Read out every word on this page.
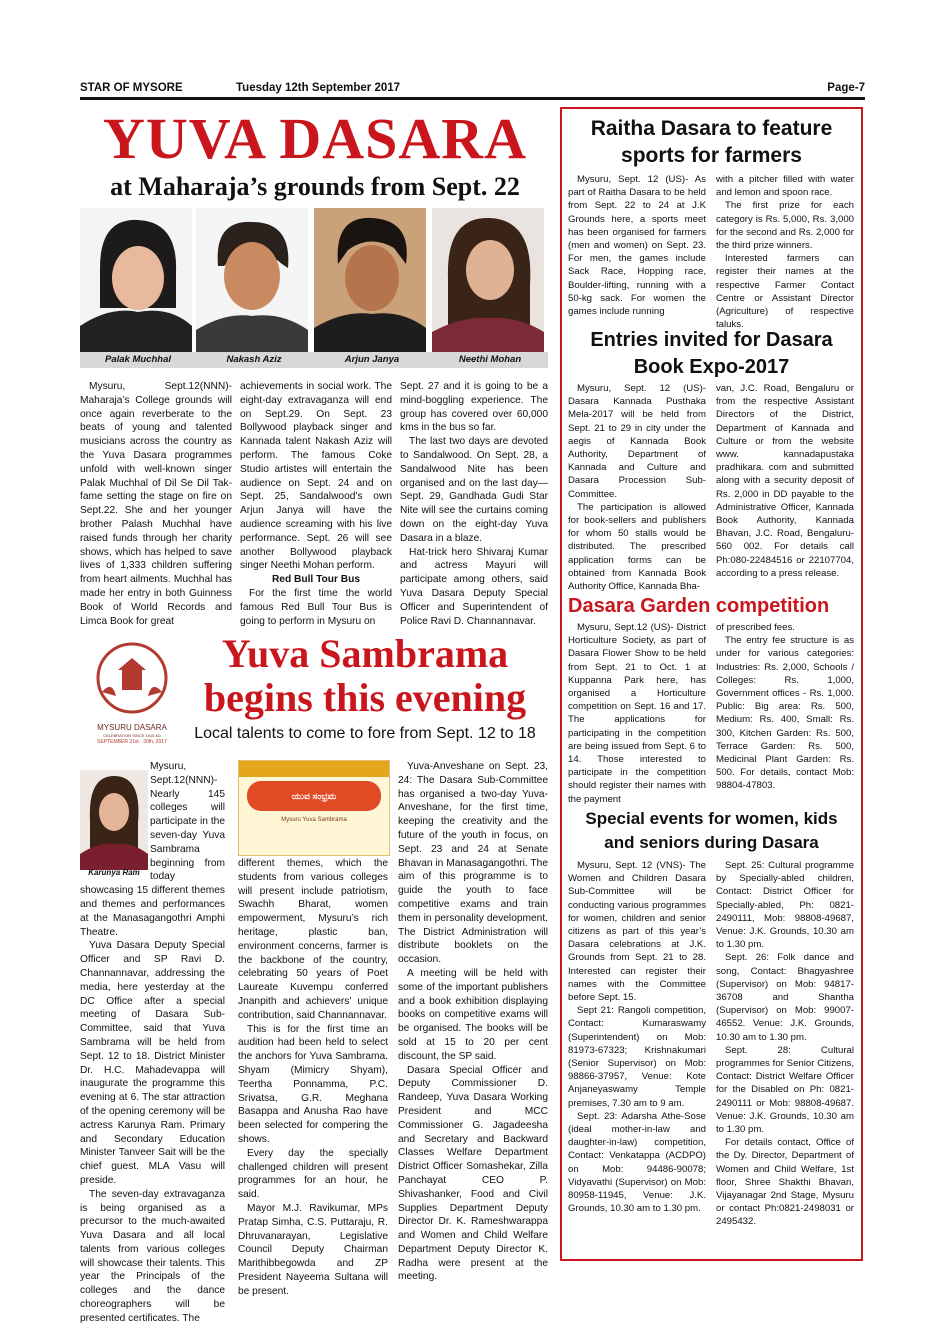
STAR OF MYSORE	Tuesday 12th September 2017	Page-7
YUVA DASARA
at Maharaja’s grounds from Sept. 22
Palak Muchhal	Nakash Aziz	Arjun Janya	Neethi Mohan

Mysuru, Sept.12(NNN)- Maharaja’s College grounds will once again reverberate to the beats of young and talented musicians across the country as the Yuva Dasara programmes unfold with well-known singer Palak Muchhal of Dil Se Dil Tak-fame setting the stage on fire on Sept.22. She and her younger brother Palash Muchhal have raised funds through her charity shows, which has helped to save lives of 1,333 children suffering from heart ailments. Muchhal has made her entry in both Guinness Book of World Records and Limca Book for great

achievements in social work. The eight-day extravaganza will end on Sept.29. On Sept. 23 Bollywood playback singer and Kannada talent Nakash Aziz will perform. The famous Coke Studio artistes will entertain the audience on Sept. 24 and on Sept. 25, Sandalwood’s own Arjun Janya will have the audience screaming with his live performance. Sept. 26 will see another Bollywood playback singer Neethi Mohan perform.

Red Bull Tour Bus

For the first time the world famous Red Bull Tour Bus is going to perform in Mysuru on

Sept. 27 and it is going to be a mind-boggling experience. The group has covered over 60,000 kms in the bus so far.

The last two days are devoted to Sandalwood. On Sept. 28, a Sandalwood Nite has been organised and on the last day—Sept. 29, Gandhada Gudi Star Nite will see the curtains coming down on the eight-day Yuva Dasara in a blaze.

Hat-trick hero Shivaraj Kumar and actress Mayuri will participate among others, said Yuva Dasara Deputy Special Officer and Superintendent of Police Ravi D. Channannavar.

MYSURU DASARA
CELEBRATION SINCE 1610 AD
SEPTEMBER 21st - 30th, 2017
Yuva Sambrama
begins this evening
Local talents to come to fore from Sept. 12 to 18
Karunya Ram

Mysuru, Sept.12(NNN)- Nearly 145 colleges will participate in the seven-day Yuva Sambrama beginning from today showcasing 15 different themes and themes and performances at the Manasagangothri Amphi Theatre.

Yuva Dasara Deputy Special Officer and SP Ravi D. Channannavar, addressing the media, here yesterday at the DC Office after a special meeting of Dasara Sub-Committee, said that Yuva Sambrama will be held from Sept. 12 to 18. District Minister Dr. H.C. Mahadevappa will inaugurate the programme this evening at 6. The star attraction of the opening ceremony will be actress Karunya Ram. Primary and Secondary Education Minister Tanveer Sait will be the chief guest. MLA Vasu will preside.

The seven-day extravaganza is being organised as a precursor to the much-awaited Yuva Dasara and all local talents from various colleges will showcase their talents. This year the Principals of the colleges and the dance choreographers will be presented certificates. The

ಯುವ ಸಂಭ್ರಮ
Mysuru Yuva Sambrama

different themes, which the students from various colleges will present include patriotism, Swachh Bharat, women empowerment, Mysuru’s rich heritage, plastic ban, environment concerns, farmer is the backbone of the country, celebrating 50 years of Poet Laureate Kuvempu conferred Jnanpith and achievers’ unique contribution, said Channannavar.

This is for the first time an audition had been held to select the anchors for Yuva Sambrama. Shyam (Mimicry Shyam), Teertha Ponnamma, P.C. Srivatsa, G.R. Meghana Basappa and Anusha Rao have been selected for compering the shows.

Every day the specially challenged children will present programmes for an hour, he said.

Mayor M.J. Ravikumar, MPs Pratap Simha, C.S. Puttaraju, R. Dhruvanarayan, Legislative Council Deputy Chairman Marithibbegowda and ZP President Nayeema Sultana will be present.

Yuva-Anveshane on Sept. 23, 24: The Dasara Sub-Committee has organised a two-day Yuva-Anveshane, for the first time, keeping the creativity and the future of the youth in focus, on Sept. 23 and 24 at Senate Bhavan in Manasagangothri. The aim of this programme is to guide the youth to face competitive exams and train them in personality development. The District Administration will distribute booklets on the occasion.

A meeting will be held with some of the important publishers and a book exhibition displaying books on competitive exams will be organised. The books will be sold at 15 to 20 per cent discount, the SP said.

Dasara Special Officer and Deputy Commissioner D. Randeep, Yuva Dasara Working President and MCC Commissioner G. Jagadeesha and Secretary and Backward Classes Welfare Department District Officer Somashekar, Zilla Panchayat CEO P. Shivashanker, Food and Civil Supplies Department Deputy Director Dr. K. Rameshwarappa and Women and Child Welfare Department Deputy Director K. Radha were present at the meeting.

Raitha Dasara to feature sports for farmers

Mysuru, Sept. 12 (US)- As part of Raitha Dasara to be held from Sept. 22 to 24 at J.K Grounds here, a sports meet has been organised for farmers (men and women) on Sept. 23. For men, the games include Sack Race, Hopping race, Boulder-lifting, running with a 50-kg sack. For women the games include running

with a pitcher filled with water and lemon and spoon race.

The first prize for each category is Rs. 5,000, Rs. 3,000 for the second and Rs. 2,000 for the third prize winners.

Interested farmers can register their names at the respective Farmer Contact Centre or Assistant Director (Agriculture) of respective taluks.

Entries invited for Dasara Book Expo-2017

Mysuru, Sept. 12 (US)- Dasara Kannada Pusthaka Mela-2017 will be held from Sept. 21 to 29 in city under the aegis of Kannada Book Authority, Department of Kannada and Culture and Dasara Procession Sub-Committee.

The participation is allowed for book-sellers and publishers for whom 50 stalls would be distributed. The prescribed application forms can be obtained from Kannada Book Authority Office, Kannada Bha-

van, J.C. Road, Bengaluru or from the respective Assistant Directors of the District, Department of Kannada and Culture or from the website www. kannadapustaka pradhikara. com and submitted along with a security deposit of Rs. 2,000 in DD payable to the Administrative Officer, Kannada Book Authority, Kannada Bhavan, J.C. Road, Bengaluru-560 002. For details call Ph:080-22484516 or 22107704, according to a press release.

Dasara Garden competition

Mysuru, Sept.12 (US)- District Horticulture Society, as part of Dasara Flower Show to be held from Sept. 21 to Oct. 1 at Kuppanna Park here, has organised a Horticulture competition on Sept. 16 and 17. The applications for participating in the competition are being issued from Sept. 6 to 14. Those interested to participate in the competition should register their names with the payment

of prescribed fees.

The entry fee structure is as under for various categories: Industries: Rs. 2,000, Schools / Colleges: Rs. 1,000, Government offices - Rs. 1,000. Public: Big area: Rs. 500, Medium: Rs. 400, Small: Rs. 300, Kitchen Garden: Rs. 500, Terrace Garden: Rs. 500, Medicinal Plant Garden: Rs. 500. For details, contact Mob: 98804-47803.

Special events for women, kids and seniors during Dasara

Mysuru, Sept. 12 (VNS)- The Women and Children Dasara Sub-Committee will be conducting various programmes for women, children and senior citizens as part of this year’s Dasara celebrations at J.K. Grounds from Sept. 21 to 28. Interested can register their names with the Committee before Sept. 15.

Sept 21: Rangoli competition, Contact: Kumaraswamy (Superintendent) on Mob: 81973-67323; Krishnakumari (Senior Supervisor) on Mob: 98866-37957, Venue: Kote Anjaneyaswamy Temple premises, 7.30 am to 9 am.

Sept. 23: Adarsha Athe-Sose (ideal mother-in-law and daughter-in-law) competition, Contact: Venkatappa (ACDPO) on Mob: 94486-90078; Vidyavathi (Supervisor) on Mob: 80958-11945, Venue: J.K. Grounds, 10.30 am to 1.30 pm.

Sept. 25: Cultural programme by Specially-abled children, Contact: District Officer for Specially-abled, Ph: 0821-2490111, Mob: 98808-49687, Venue: J.K. Grounds, 10.30 am to 1.30 pm.

Sept. 26: Folk dance and song, Contact: Bhagyashree (Supervisor) on Mob: 94817-36708 and Shantha (Supervisor) on Mob: 99007-46552. Venue: J.K. Grounds, 10.30 am to 1.30 pm.

Sept. 28: Cultural programmes for Senior Citizens, Contact: District Welfare Officer for the Disabled on Ph: 0821-2490111 or Mob: 98808-49687. Venue: J.K. Grounds, 10.30 am to 1.30 pm.

For details contact, Office of the Dy. Director, Department of Women and Child Welfare, 1st floor, Shree Shakthi Bhavan, Vijayanagar 2nd Stage, Mysuru or contact Ph:0821-2498031 or 2495432.
